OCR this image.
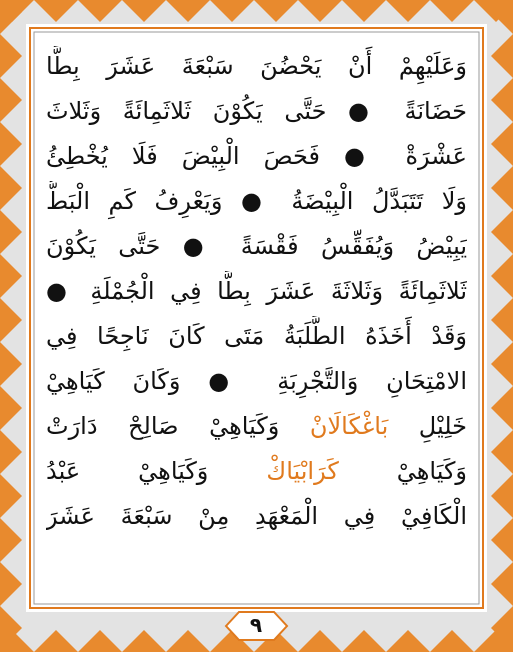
وَعَلَيْهِمْ أَنْ يَحْضُنَ سَبْعَةَ عَشَرَ بِطًّا
حَضَانَةً ● حَتَّى يَكُوْنَ ثَلاثَمِائَةً وَثَلاثَ
عَشْرَةْ ● فَحَصَ الْبِيْضَ فَلَا يُخْطِئُ
وَلَا تَتَبَدَّلُ الْبِيْضَةُ ● وَيَعْرِفُ كَمِ الْبَطُّ
يَبِيْضُ وَيُفَقِّسُ فَقْسَةً ● حَتَّى يَكُوْنَ
ثَلاثَمِائَةً وَثَلاثَةَ عَشَرَ بِطًّا فِي الْجُمْلَةِ ●
وَقَدْ أَخَذَهُ الطَّلَبَةُ مَتَى كَانَ نَاجِحًا فِي
الامْتِحَانِ وَالتَّجْرِبَةِ ● وَكَانَ كَيَاهِيْ
خَلِيْلِ بَاغْكَالَانْ وَكَيَاهِيْ صَالِحْ دَارَتْ
وَكَيَاهِيْ كَرَابْيَاكْ وَكَيَاهِيْ عَبْدُ
الْكَافِيْ فِي الْمَعْهَدِ مِنْ سَبْعَةَ عَشَرَ
٩
